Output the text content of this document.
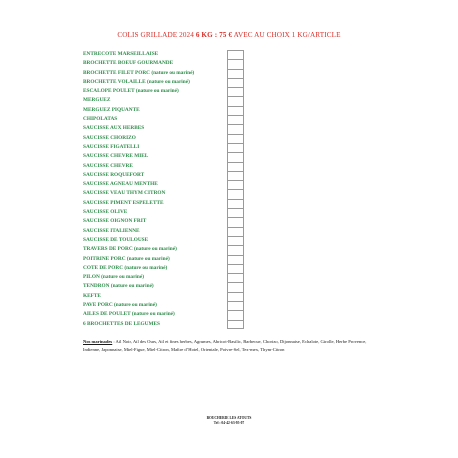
COLIS GRILLADE 2024 6 KG : 75 € AVEC AU CHOIX 1 KG/ARTICLE
ENTRECOTE MARSEILLAISE
BROCHETTE BOEUF GOURMANDE
BROCHETTE FILET PORC (nature ou mariné)
BROCHETTE VOLAILLE (nature ou mariné)
ESCALOPE POULET (nature ou mariné)
MERGUEZ
MERGUEZ PIQUANTE
CHIPOLATAS
SAUCISSE AUX HERBES
SAUCISSE CHORIZO
SAUCISSE FIGATELLI
SAUCISSE CHEVRE MIEL
SAUCISSE CHEVRE
SAUCISSE ROQUEFORT
SAUCISSE AGNEAU MENTHE
SAUCISSE VEAU THYM CITRON
SAUCISSE PIMENT ESPELETTE
SAUCISSE OLIVE
SAUCISSE OIGNON FRIT
SAUCISSE ITALIENNE
SAUCISSE DE TOULOUSE
TRAVERS DE PORC (nature ou mariné)
POITRINE PORC (nature ou mariné)
COTE DE PORC (nature ou mariné)
PILON (nature ou mariné)
TENDRON (nature ou mariné)
KEFTE
PAVE PORC (nature ou mariné)
AILES DE POULET (nature ou mariné)
6 BROCHETTES DE LEGUMES
Nos marinades : Ail Noir, Ail des Ours, Ail et fines herbes, Agrumes, Abricot-Basilic, Barbecue, Chorizo, Dijonnaise, Echalote, Girolle, Herbe Provence, Indienne, Japonnaise, Miel-Figue, Miel-Citron, Maître d’Hotel, Orientale, Poivre-Sel, Tex-mex, Thym-Citron
BOUCHERIE LES ATOUTS
Tel : 04-42-63-95-07
